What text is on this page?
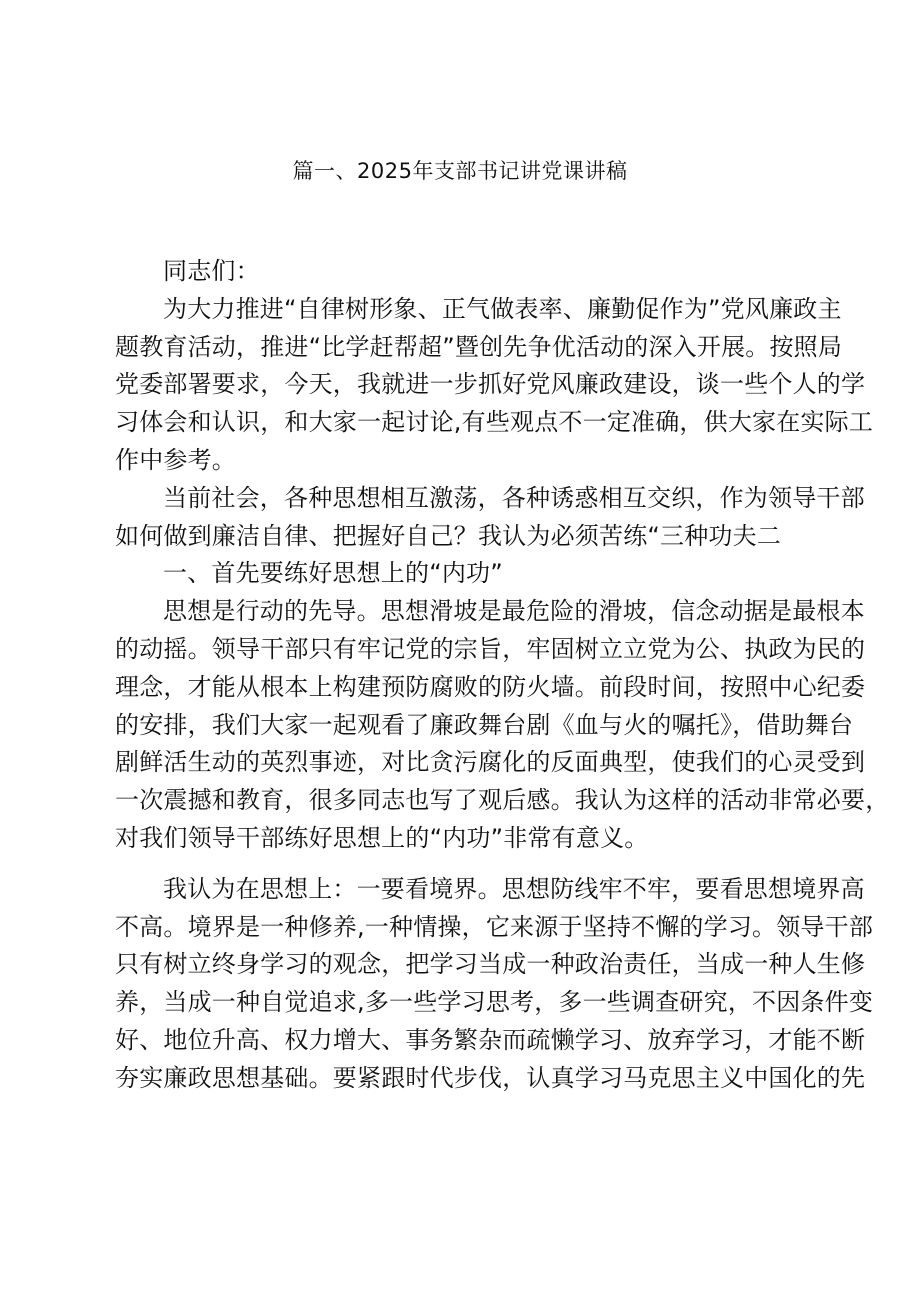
篇一、2025年支部书记讲党课讲稿
同志们：
为大力推进“自律树形象、正气做表率、廉勤促作为”党风廉政主
题教育活动，推进“比学赶帮超”暨创先争优活动的深入开展。按照局
党委部署要求，今天，我就进一步抓好党风廉政建设，谈一些个人的学
习体会和认识，和大家一起讨论,有些观点不一定准确，供大家在实际工
作中参考。
当前社会，各种思想相互激荡，各种诱惑相互交织，作为领导干部
如何做到廉洁自律、把握好自己？我认为必须苦练“三种功夫二
一、首先要练好思想上的“内功”
思想是行动的先导。思想滑坡是最危险的滑坡，信念动据是最根本
的动摇。领导干部只有牢记党的宗旨，牢固树立立党为公、执政为民的
理念，才能从根本上构建预防腐败的防火墙。前段时间，按照中心纪委
的安排，我们大家一起观看了廉政舞台剧《血与火的嘱托》，借助舞台
剧鲜活生动的英烈事迹，对比贪污腐化的反面典型，使我们的心灵受到
一次震撼和教育，很多同志也写了观后感。我认为这样的活动非常必要，
对我们领导干部练好思想上的“内功”非常有意义。
我认为在思想上：一要看境界。思想防线牢不牢，要看思想境界高
不高。境界是一种修养,一种情操，它来源于坚持不懈的学习。领导干部
只有树立终身学习的观念，把学习当成一种政治责任，当成一种人生修
养，当成一种自觉追求,多一些学习思考，多一些调查研究，不因条件变
好、地位升高、权力增大、事务繁杂而疏懒学习、放弃学习，才能不断
夯实廉政思想基础。要紧跟时代步伐，认真学习马克思主义中国化的先
